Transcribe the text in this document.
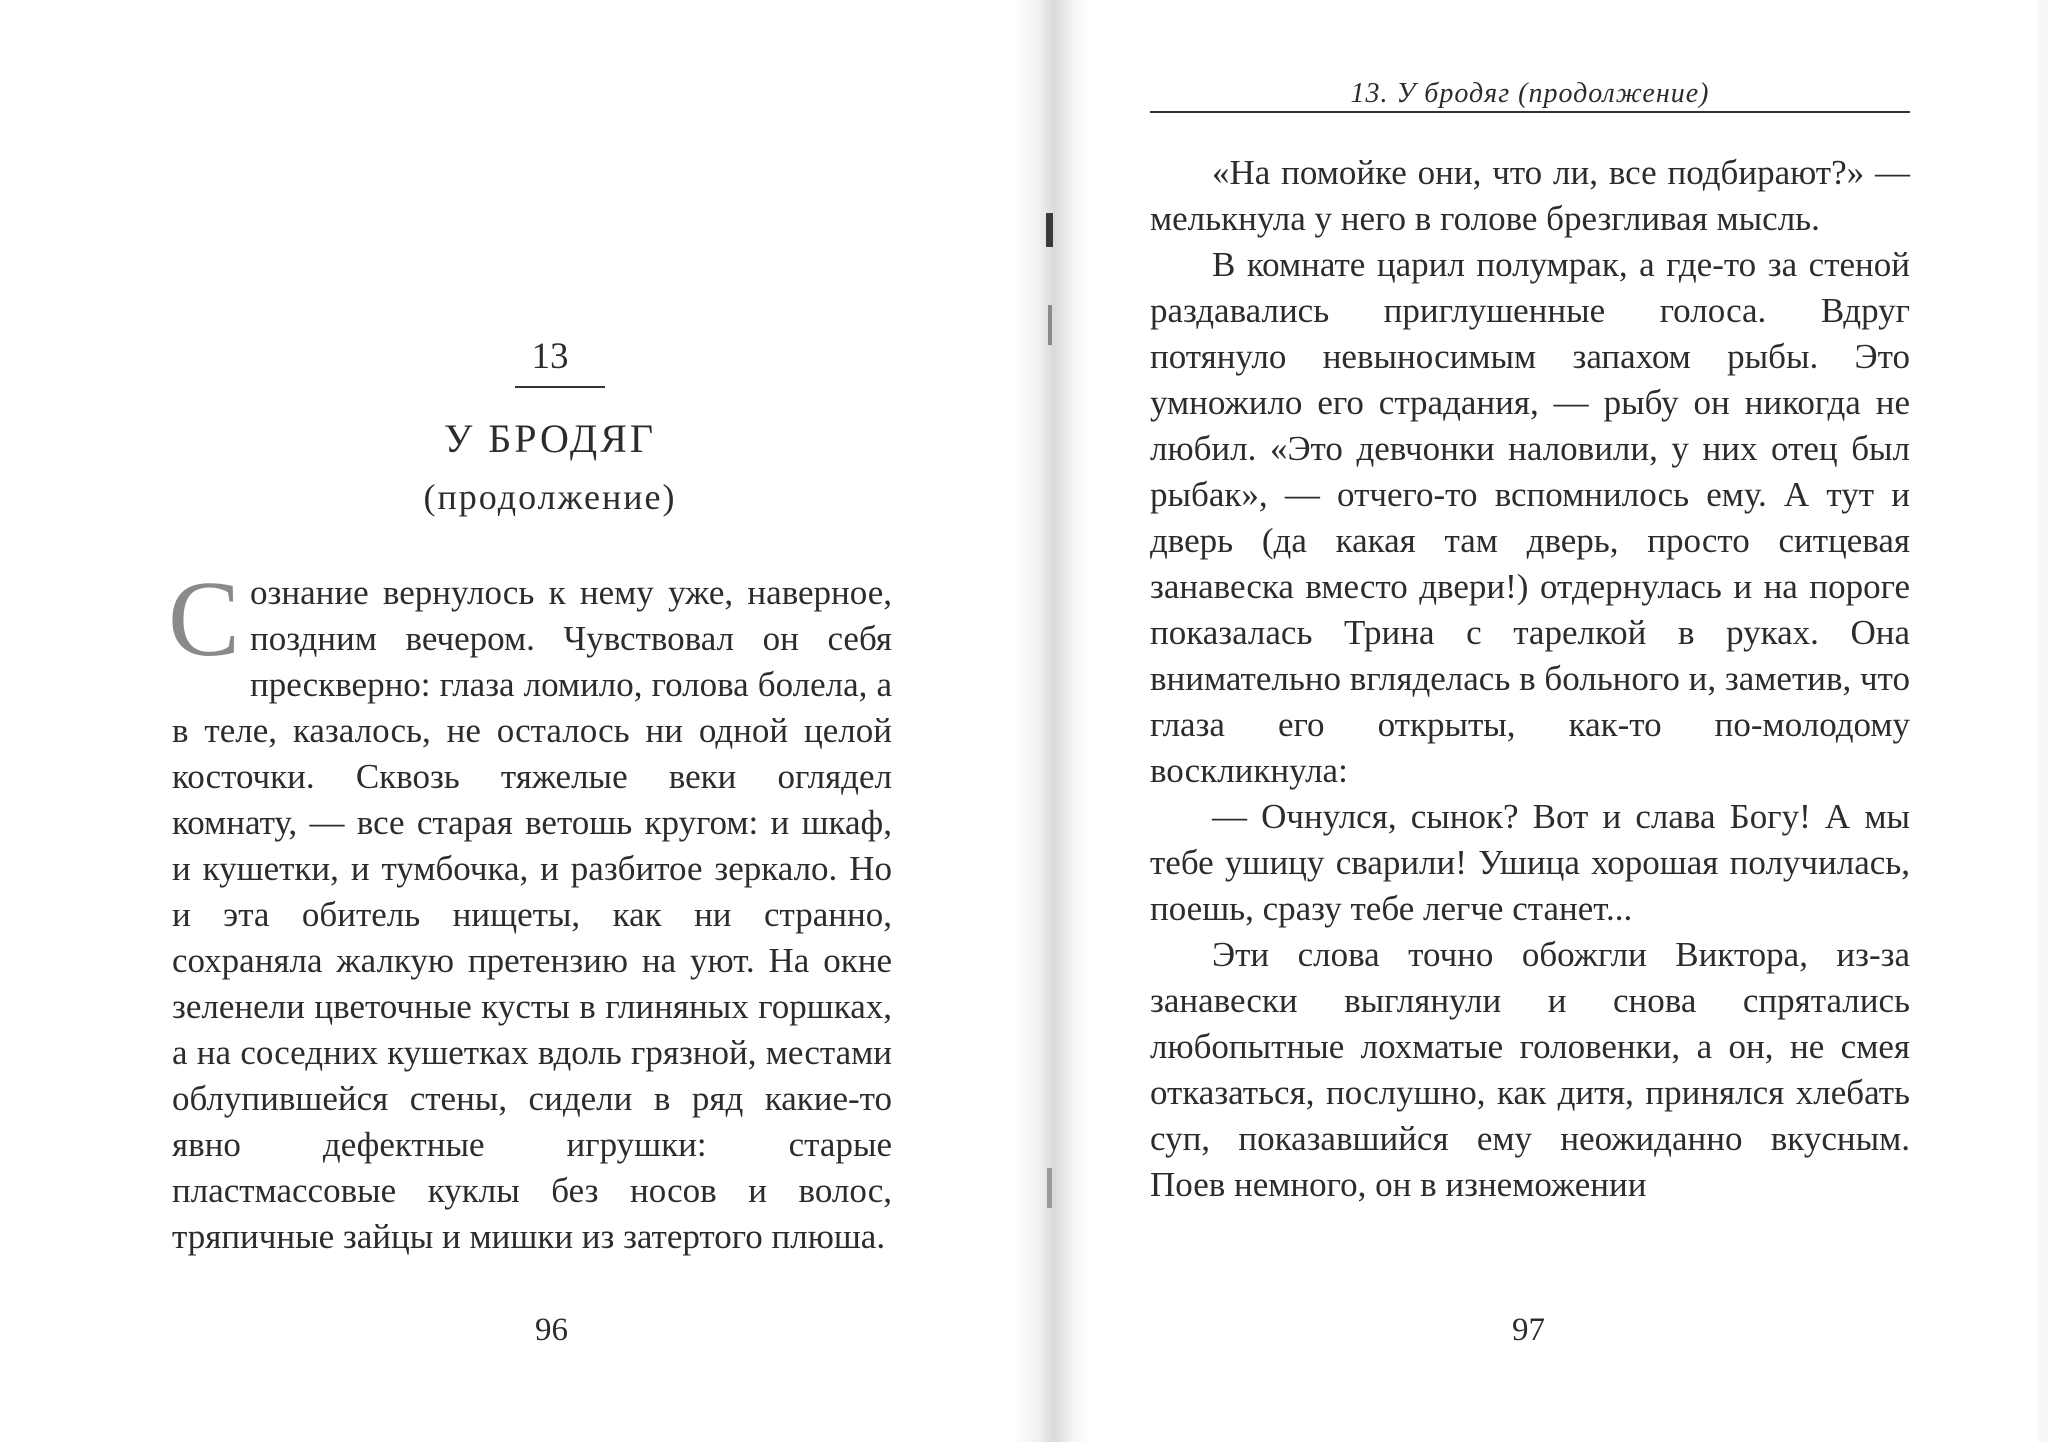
13
У БРОДЯГ
(продолжение)
С ознание вернулось к нему уже, наверное, поздним вечером. Чувствовал он себя прескверно: глаза ломило, голова болела, а в теле, казалось, не осталось ни одной целой косточки. Сквозь тяжелые веки оглядел комнату, — все старая ветошь кругом: и шкаф, и кушетки, и тумбочка, и разбитое зеркало. Но и эта обитель нищеты, как ни странно, сохраняла жалкую претензию на уют. На окне зеленели цветочные кусты в глиняных горшках, а на соседних кушетках вдоль грязной, местами облупившейся стены, сидели в ряд какие-то явно дефектные игрушки: старые пластмассовые куклы без носов и волос, тряпичные зайцы и мишки из затертого плюша.
96
13. У бродяг (продолжение)

«На помойке они, что ли, все подбирают?» — мелькнула у него в голове брезгливая мысль.

В комнате царил полумрак, а где-то за стеной раздавались приглушенные голоса. Вдруг потянуло невыносимым запахом рыбы. Это умножило его страдания, — рыбу он никогда не любил. «Это девчонки наловили, у них отец был рыбак», — отчего-то вспомнилось ему. А тут и дверь (да какая там дверь, просто ситцевая занавеска вместо двери!) отдернулась и на пороге показалась Трина с тарелкой в руках. Она внимательно вгляделась в больного и, заметив, что глаза его открыты, как-то по-молодому воскликнула:

— Очнулся, сынок? Вот и слава Богу! А мы тебе ушицу сварили! Ушица хорошая получилась, поешь, сразу тебе легче станет...

Эти слова точно обожгли Виктора, из-за занавески выглянули и снова спрятались любопытные лохматые головенки, а он, не смея отказаться, послушно, как дитя, принялся хлебать суп, показавшийся ему неожиданно вкусным. Поев немного, он в изнеможении

97
